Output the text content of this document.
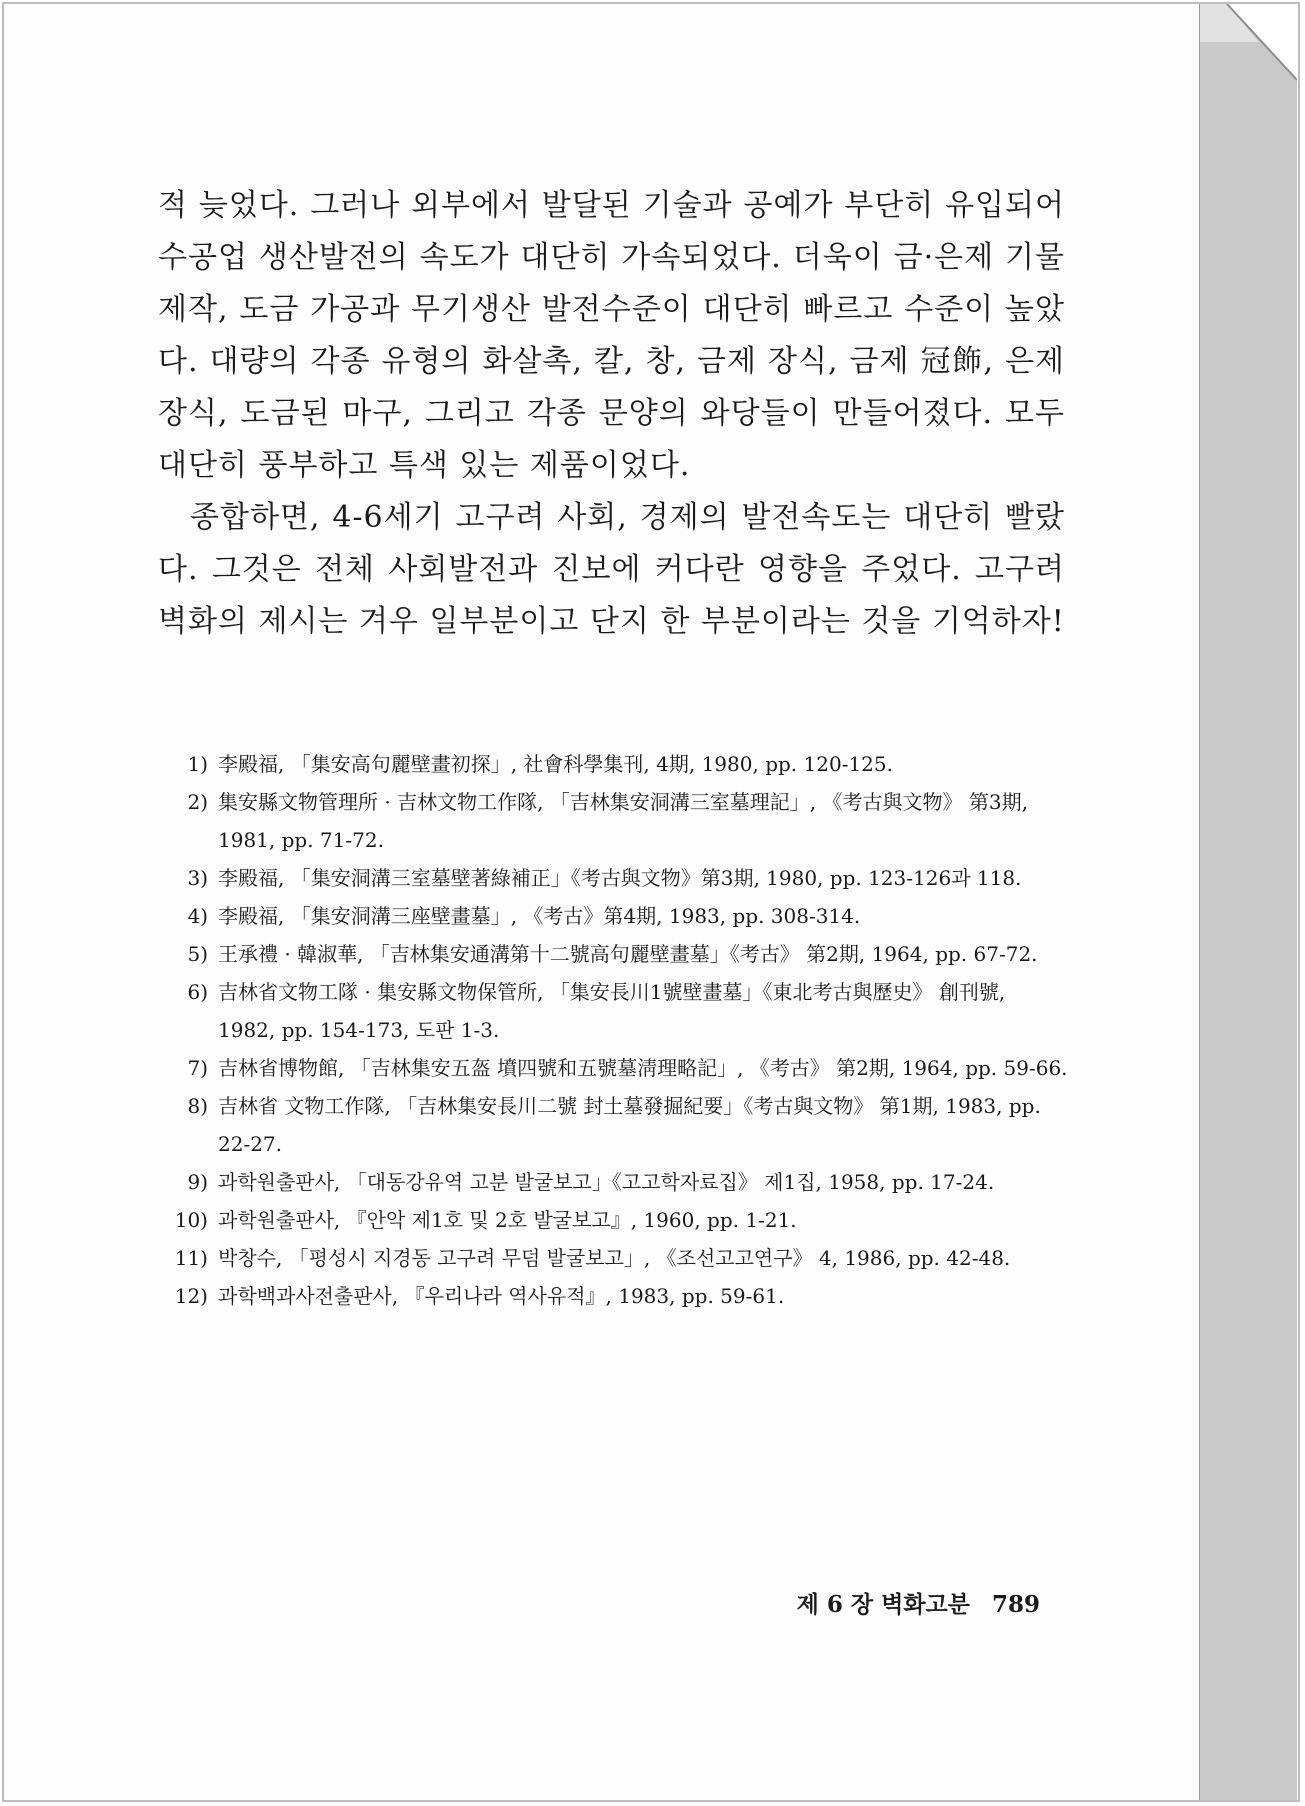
적 늦었다. 그러나 외부에서 발달된 기술과 공예가 부단히 유입되어 수공업 생산발전의 속도가 대단히 가속되었다. 더욱이 금·은제 기물 제작, 도금 가공과 무기생산 발전수준이 대단히 빠르고 수준이 높았다. 대량의 각종 유형의 화살촉, 칼, 창, 금제 장식, 금제 冠飾, 은제 장식, 도금된 마구, 그리고 각종 문양의 와당들이 만들어졌다. 모두 대단히 풍부하고 특색 있는 제품이었다.

종합하면, 4-6세기 고구려 사회, 경제의 발전속도는 대단히 빨랐다. 그것은 전체 사회발전과 진보에 커다란 영향을 주었다. 고구려 벽화의 제시는 겨우 일부분이고 단지 한 부분이라는 것을 기억하자!

1) 李殿福, 「集安高句麗壁畫初探」, 社會科學集刊, 4期, 1980, pp. 120-125.
2) 集安縣文物管理所 · 吉林文物工作隊, 「吉林集安洞溝三室墓理記」, 《考古與文物》 第3期, 1981, pp. 71-72.
3) 李殿福, 「集安洞溝三室墓壁著綠補正」《考古與文物》第3期, 1980, pp. 123-126과 118.
4) 李殿福, 「集安洞溝三座壁畫墓」, 《考古》第4期, 1983, pp. 308-314.
5) 王承禮 · 韓淑華, 「吉林集安通溝第十二號高句麗壁畫墓」《考古》 第2期, 1964, pp. 67-72.
6) 吉林省文物工隊 · 集安縣文物保管所, 「集安長川1號壁畫墓」《東北考古與歷史》 創刊號, 1982, pp. 154-173, 도판 1-3.
7) 吉林省博物館, 「吉林集安五盔 墳四號和五號墓淸理略記」, 《考古》 第2期, 1964, pp. 59-66.
8) 吉林省 文物工作隊, 「吉林集安長川二號 封土墓發掘紀要」《考古與文物》 第1期, 1983, pp. 22-27.
9) 과학원출판사, 「대동강유역 고분 발굴보고」《고고학자료집》 제1집, 1958, pp. 17-24.
10) 과학원출판사, 『안악 제1호 및 2호 발굴보고』, 1960, pp. 1-21.
11) 박창수, 「평성시 지경동 고구려 무덤 발굴보고」, 《조선고고연구》 4, 1986, pp. 42-48.
12) 과학백과사전출판사, 『우리나라 역사유적』, 1983, pp. 59-61.
제 6 장 벽화고분 789
